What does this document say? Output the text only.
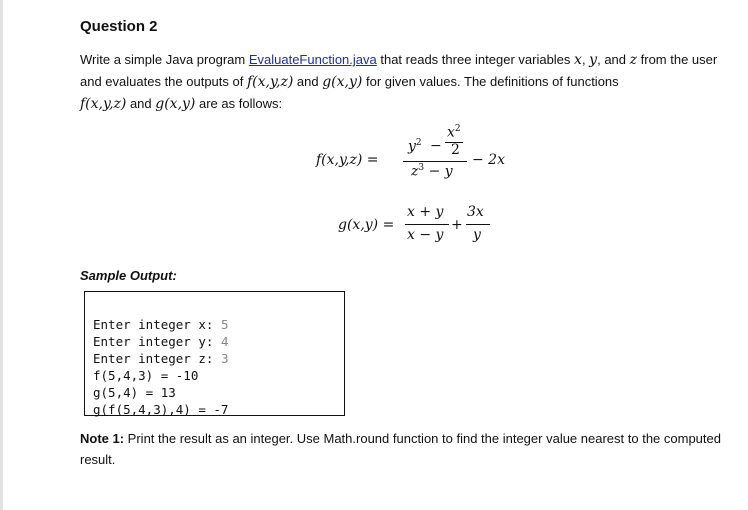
Question 2
Write a simple Java program EvaluateFunction.java that reads three integer variables x, y, and z from the user and evaluates the outputs of f(x,y,z) and g(x,y) for given values. The definitions of functions
f(x,y,z) and g(x,y) are as follows:
f(x,y,z) =
$y^2$ −
$x^2$
2
$z^3 - y$
− 2x
g(x,y) =
x + y
x − y
+
3x
y
Sample Output:

Enter integer x: 5
Enter integer y: 4
Enter integer z: 3
f(5,4,3) = -10
g(5,4) = 13
g(f(5,4,3),4) = -7

Note 1: Print the result as an integer. Use Math.round function to find the integer value nearest to the computed result.
